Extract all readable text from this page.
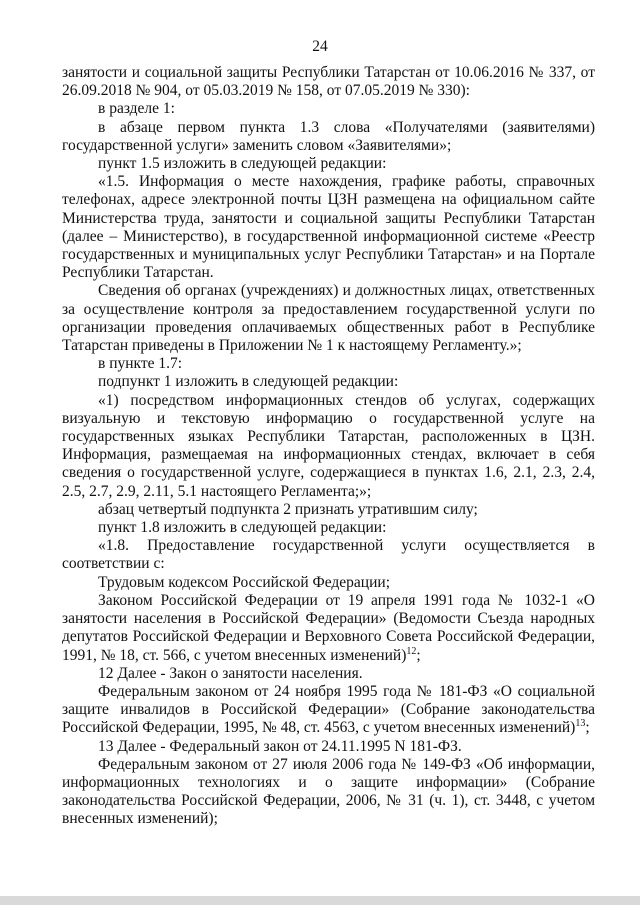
24

занятости и социальной защиты Республики Татарстан от 10.06.2016 № 337, от 26.09.2018 № 904, от 05.03.2019 № 158, от 07.05.2019 № 330):

в разделе 1:

в абзаце первом пункта 1.3 слова «Получателями (заявителями) государственной услуги» заменить словом «Заявителями»;

пункт 1.5 изложить в следующей редакции:

«1.5. Информация о месте нахождения, графике работы, справочных телефонах, адресе электронной почты ЦЗН размещена на официальном сайте Министерства труда, занятости и социальной защиты Республики Татарстан (далее – Министерство), в государственной информационной системе «Реестр государственных и муниципальных услуг Республики Татарстан» и на Портале Республики Татарстан.

Сведения об органах (учреждениях) и должностных лицах, ответственных за осуществление контроля за предоставлением государственной услуги по организации проведения оплачиваемых общественных работ в Республике Татарстан приведены в Приложении № 1 к настоящему Регламенту.»;

в пункте 1.7:

подпункт 1 изложить в следующей редакции:

«1) посредством информационных стендов об услугах, содержащих визуальную и текстовую информацию о государственной услуге на государственных языках Республики Татарстан, расположенных в ЦЗН. Информация, размещаемая на информационных стендах, включает в себя сведения о государственной услуге, содержащиеся в пунктах 1.6, 2.1, 2.3, 2.4, 2.5, 2.7, 2.9, 2.11, 5.1 настоящего Регламента;»;

абзац четвертый подпункта 2 признать утратившим силу;

пункт 1.8 изложить в следующей редакции:

«1.8. Предоставление государственной услуги осуществляется в соответствии с:

Трудовым кодексом Российской Федерации;

Законом Российской Федерации от 19 апреля 1991 года № 1032-1 «О занятости населения в Российской Федерации» (Ведомости Съезда народных депутатов Российской Федерации и Верховного Совета Российской Федерации, 1991, № 18, ст. 566, с учетом внесенных изменений)$^{12}$;

12 Далее - Закон о занятости населения.

Федеральным законом от 24 ноября 1995 года № 181-ФЗ «О социальной защите инвалидов в Российской Федерации» (Собрание законодательства Российской Федерации, 1995, № 48, ст. 4563, с учетом внесенных изменений)$^{13}$;

13 Далее - Федеральный закон от 24.11.1995 N 181-ФЗ.

Федеральным законом от 27 июля 2006 года № 149-ФЗ «Об информации, информационных технологиях и о защите информации» (Собрание законодательства Российской Федерации, 2006, № 31 (ч. 1), ст. 3448, с учетом внесенных изменений);
